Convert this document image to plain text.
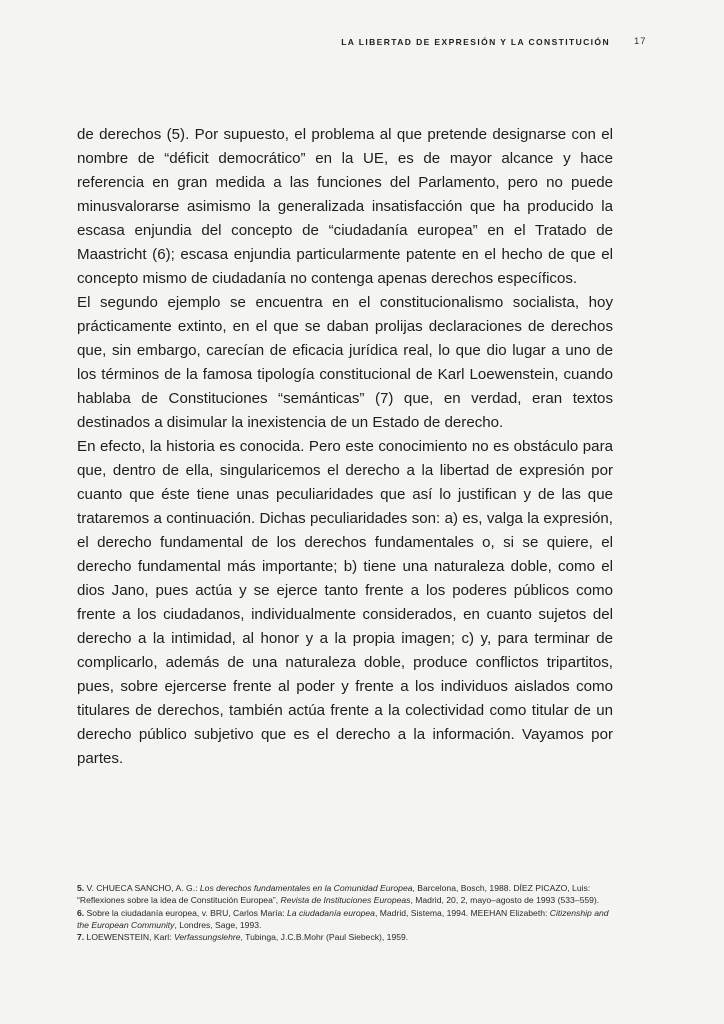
LA LIBERTAD DE EXPRESIÓN Y LA CONSTITUCIÓN	17

de derechos (5). Por supuesto, el problema al que pretende designarse con el nombre de “déficit democrático” en la UE, es de mayor alcance y hace referencia en gran medida a las funciones del Parlamento, pero no puede minusvalorarse asimismo la generalizada insatisfacción que ha producido la escasa enjundia del concepto de “ciudadanía europea” en el Tratado de Maastricht (6); escasa enjundia particularmente patente en el hecho de que el concepto mismo de ciudadanía no contenga apenas derechos específicos.

El segundo ejemplo se encuentra en el constitucionalismo socialista, hoy prácticamente extinto, en el que se daban prolijas declaraciones de derechos que, sin embargo, carecían de eficacia jurídica real, lo que dio lugar a uno de los términos de la famosa tipología constitucional de Karl Loewenstein, cuando hablaba de Constituciones “semánticas” (7) que, en verdad, eran textos destinados a disimular la inexistencia de un Estado de derecho.

En efecto, la historia es conocida. Pero este conocimiento no es obstáculo para que, dentro de ella, singularicemos el derecho a la libertad de expresión por cuanto que éste tiene unas peculiaridades que así lo justifican y de las que trataremos a continuación. Dichas peculiaridades son: a) es, valga la expresión, el derecho fundamental de los derechos fundamentales o, si se quiere, el derecho fundamental más importante; b) tiene una naturaleza doble, como el dios Jano, pues actúa y se ejerce tanto frente a los poderes públicos como frente a los ciudadanos, individualmente considerados, en cuanto sujetos del derecho a la intimidad, al honor y a la propia imagen; c) y, para terminar de complicarlo, además de una naturaleza doble, produce conflictos tripartitos, pues, sobre ejercerse frente al poder y frente a los individuos aislados como titulares de derechos, también actúa frente a la colectividad como titular de un derecho público subjetivo que es el derecho a la información. Vayamos por partes.

5. V. CHUECA SANCHO, A. G.: Los derechos fundamentales en la Comunidad Europea, Barcelona, Bosch, 1988. DÍEZ PICAZO, Luis: “Reflexiones sobre la idea de Constitución Europea”, Revista de Instituciones Europeas, Madrid, 20, 2, mayo–agosto de 1993 (533–559).

6. Sobre la ciudadanía europea, v. BRU, Carlos María: La ciudadanía europea, Madrid, Sistema, 1994. MEEHAN Elizabeth: Citizenship and the European Community, Londres, Sage, 1993.

7. LOEWENSTEIN, Karl: Verfassungslehre, Tubinga, J.C.B.Mohr (Paul Siebeck), 1959.
